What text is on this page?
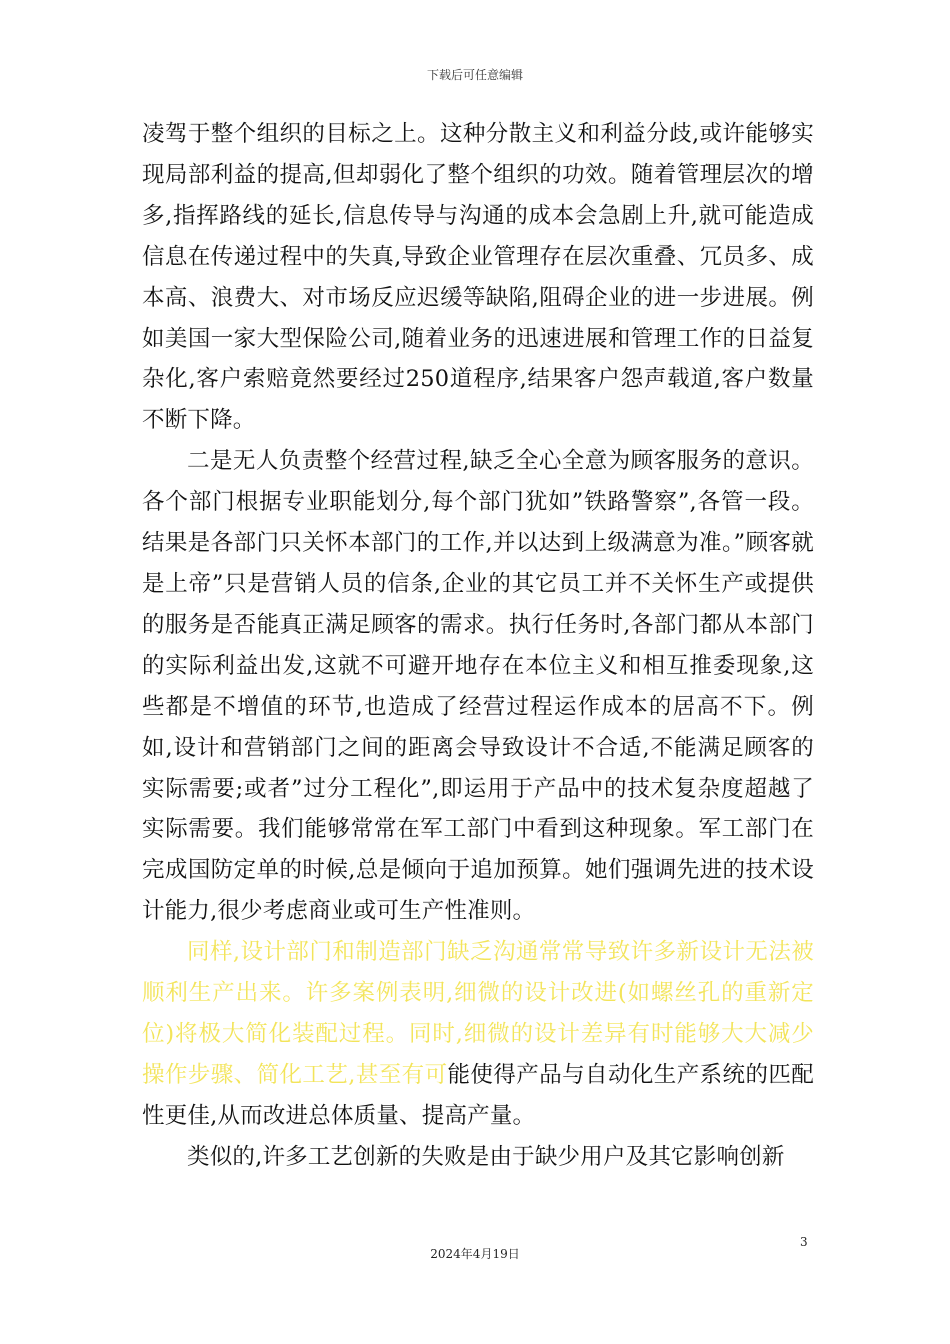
下载后可任意编辑

凌驾于整个组织的目标之上。这种分散主义和利益分歧,或许能够实现局部利益的提高,但却弱化了整个组织的功效。随着管理层次的增多,指挥路线的延长,信息传导与沟通的成本会急剧上升,就可能造成信息在传递过程中的失真,导致企业管理存在层次重叠、冗员多、成本高、浪费大、对市场反应迟缓等缺陷,阻碍企业的进一步进展。例如美国一家大型保险公司,随着业务的迅速进展和管理工作的日益复杂化,客户索赔竟然要经过250道程序,结果客户怨声载道,客户数量不断下降。

二是无人负责整个经营过程,缺乏全心全意为顾客服务的意识。各个部门根据专业职能划分,每个部门犹如”铁路警察”,各管一段。结果是各部门只关怀本部门的工作,并以达到上级满意为准。”顾客就是上帝”只是营销人员的信条,企业的其它员工并不关怀生产或提供的服务是否能真正满足顾客的需求。执行任务时,各部门都从本部门的实际利益出发,这就不可避开地存在本位主义和相互推委现象,这些都是不增值的环节,也造成了经营过程运作成本的居高不下。例如,设计和营销部门之间的距离会导致设计不合适,不能满足顾客的实际需要;或者”过分工程化”,即运用于产品中的技术复杂度超越了实际需要。我们能够常常在军工部门中看到这种现象。军工部门在完成国防定单的时候,总是倾向于追加预算。她们强调先进的技术设计能力,很少考虑商业或可生产性准则。

同样,设计部门和制造部门缺乏沟通常常导致许多新设计无法被顺利生产出来。许多案例表明,细微的设计改进(如螺丝孔的重新定位)将极大简化装配过程。同时,细微的设计差异有时能够大大减少操作步骤、简化工艺,甚至有可能使得产品与自动化生产系统的匹配性更佳,从而改进总体质量、提高产量。

类似的,许多工艺创新的失败是由于缺少用户及其它影响创新

3
2024年4月19日
